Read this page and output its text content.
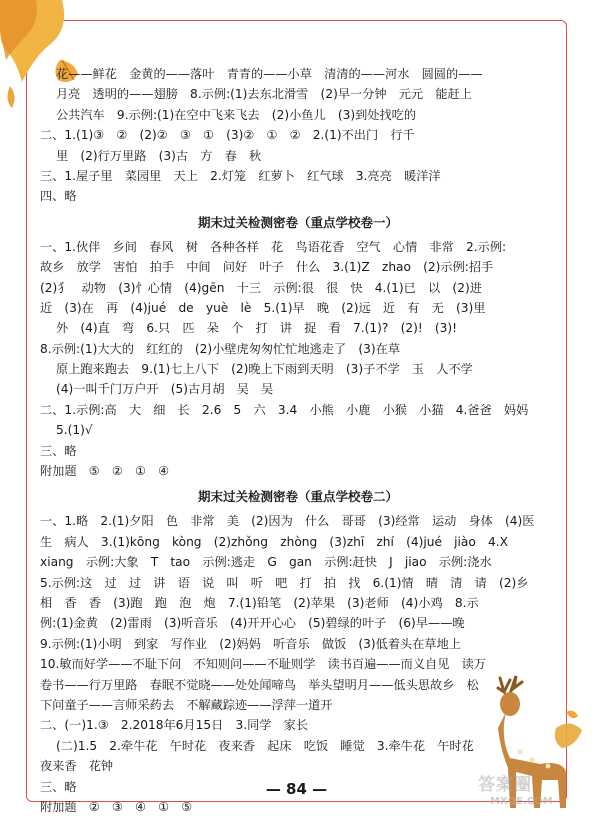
花——鲜花　金黄的——落叶　青青的——小草　清清的——河水　圆圆的——
月亮　透明的——翅膀　8.示例:(1)去东北滑雪　(2)早一分钟　元元　能赶上
公共汽车　9.示例:(1)在空中飞来飞去　(2)小鱼儿　(3)到处找吃的
二、1.(1)③　②　(2)②　③　①　(3)②　①　②　2.(1)不出门　行千
里　(2)行万里路　(3)古　方　春　秋
三、1.屋子里　菜园里　天上　2.灯笼　红萝卜　红气球　3.亮亮　暖洋洋
四、略
期末过关检测密卷（重点学校卷一）
一、1.伙伴　乡间　春风　树　各种各样　花　鸟语花香　空气　心情　非常　2.示例:
故乡　放学　害怕　拍手　中间　问好　叶子　什么　3.(1)Z　zhao　(2)示例:招手
(2)犭　动物　(3)忄心情　(4)gēn　十三　示例:很　很　快　4.(1)已　以　(2)进
近　(3)在　再　(4)jué　de　yuè　lè　5.(1)早　晚　(2)远　近　有　无　(3)里
外　(4)直　弯　6.只　匹　朵　个　打　讲　捉　看　7.(1)?　(2)!　(3)!
8.示例:(1)大大的　红红的　(2)小壁虎匆匆忙忙地逃走了　(3)在草
原上跑来跑去　9.(1)七上八下　(2)晚上下雨到天明　(3)子不学　玉　人不学
(4)一叫千门万户开　(5)古月胡　吴　吴
二、1.示例:高　大　细　长　2.6　5　六　3.4　小熊　小鹿　小猴　小猫　4.爸爸　妈妈
5.(1)√
三、略
附加题　⑤　②　①　④
期末过关检测密卷（重点学校卷二）
一、1.略　2.(1)夕阳　色　非常　美　(2)因为　什么　哥哥　(3)经常　运动　身体　(4)医
生　病人　3.(1)kōng　kòng　(2)zhǒng　zhòng　(3)zhī　zhí　(4)jué　jiào　4.X
xiang　示例:大象　T　tao　示例:逃走　G　gan　示例:赶快　J　jiao　示例:浇水
5.示例:这　过　过　讲　语　说　叫　听　吧　打　拍　找　6.(1)情　晴　清　请　(2)乡
相　香　香　(3)跑　跑　泡　炮　7.(1)铅笔　(2)苹果　(3)老师　(4)小鸡　8.示
例:(1)金黄　(2)雷雨　(3)听音乐　(4)开开心心　(5)碧绿的叶子　(6)早——晚
9.示例:(1)小明　到家　写作业　(2)妈妈　听音乐　做饭　(3)低着头在草地上
10.敏而好学——不耻下问　不知则问——不耻则学　读书百遍——而义自见　读万
卷书——行万里路　春眠不觉晓——处处闻啼鸟　举头望明月——低头思故乡　松
下问童子——言师采药去　不解藏踪迹——浮萍一道开
二、(一)1.③　2.2018年6月15日　3.同学　家长
(二)1.5　2.牵牛花　午时花　夜来香　起床　吃饭　睡觉　3.牵牛花　午时花
夜来香　花钟
三、略
附加题　②　③　④　①　⑤
— 84 —	答案圈
MXQE.COM
